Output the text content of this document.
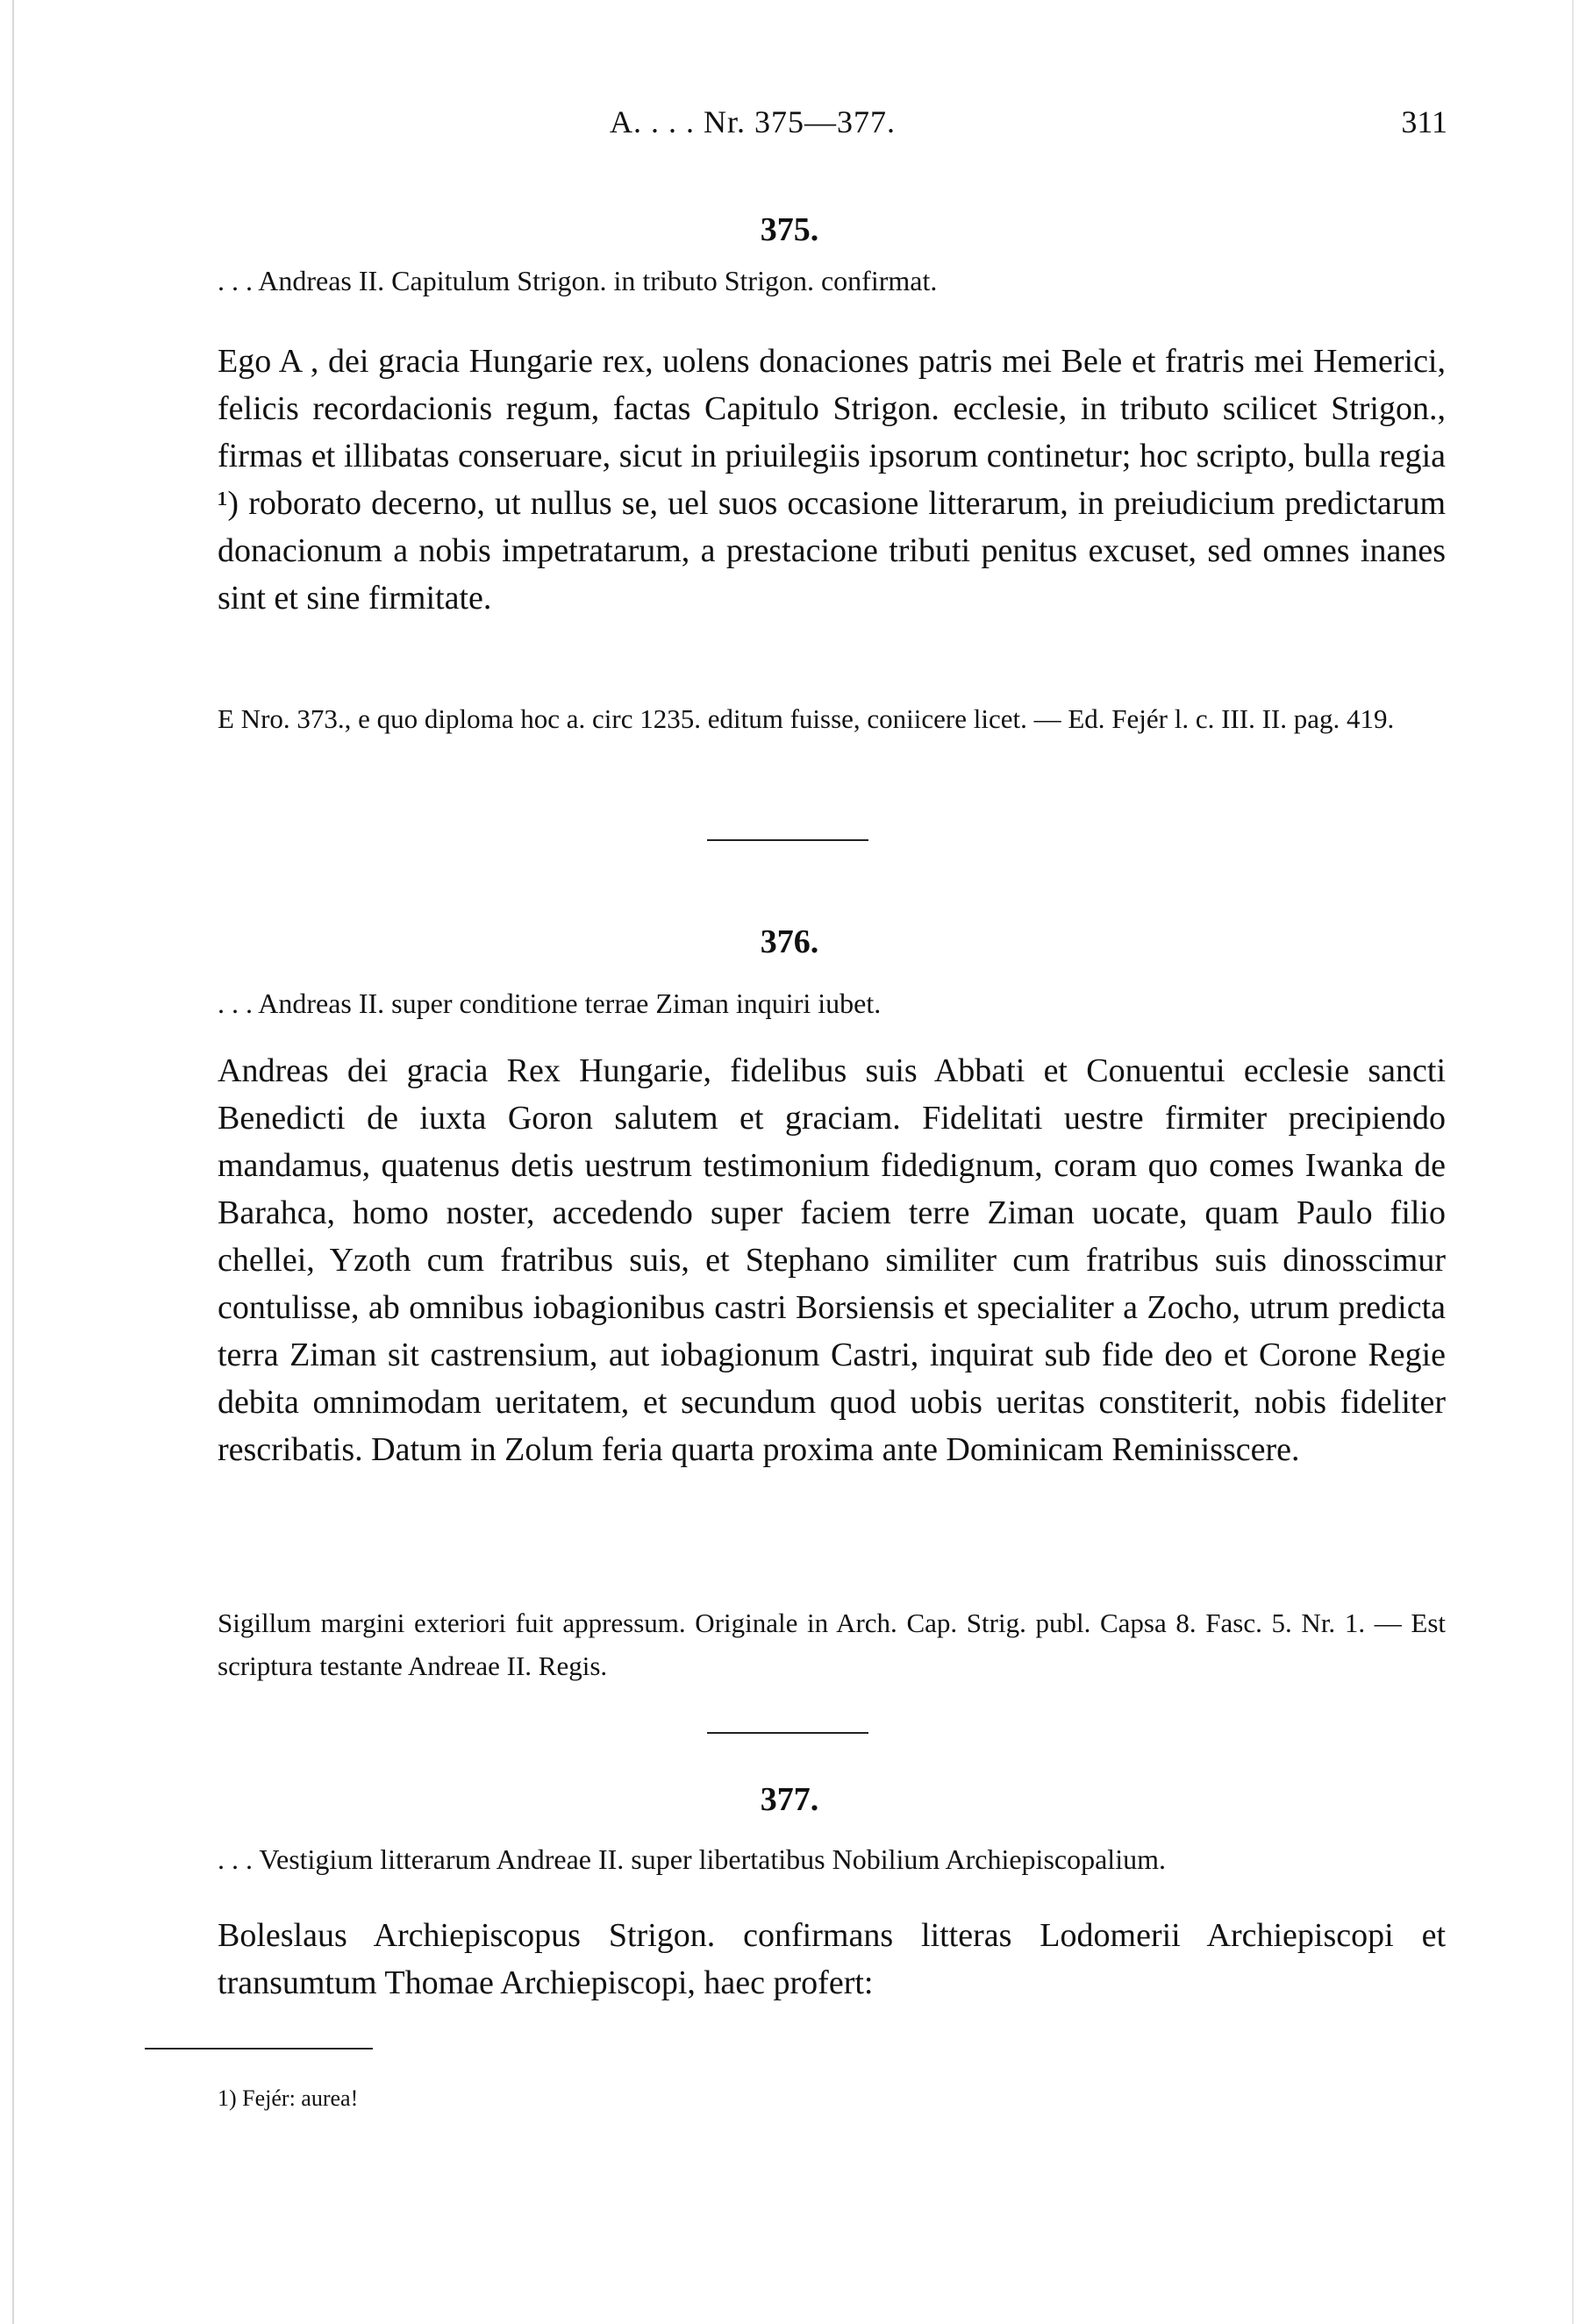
A. . . . Nr. 375—377.	311
375.
. . . Andreas II. Capitulum Strigon. in tributo Strigon. confirmat.
Ego A , dei gracia Hungarie rex, uolens donaciones patris mei Bele et fratris mei Hemerici, felicis recordacionis regum, factas Capitulo Strigon. ecclesie, in tributo scilicet Strigon., firmas et illibatas conseruare, sicut in priuilegiis ipsorum continetur; hoc scripto, bulla regia ¹) roborato decerno, ut nullus se, uel suos occasione litterarum, in preiudicium predictarum donacionum a nobis impetratarum, a prestacione tributi penitus excuset, sed omnes inanes sint et sine firmitate.
E Nro. 373., e quo diploma hoc a. circ 1235. editum fuisse, coniicere licet. — Ed. Fejér l. c. III. II. pag. 419.
376.
. . . Andreas II. super conditione terrae Ziman inquiri iubet.
Andreas dei gracia Rex Hungarie, fidelibus suis Abbati et Conuentui ecclesie sancti Benedicti de iuxta Goron salutem et graciam. Fidelitati uestre firmiter precipiendo mandamus, quatenus detis uestrum testimonium fidedignum, coram quo comes Iwanka de Barahca, homo noster, accedendo super faciem terre Ziman uocate, quam Paulo filio chellei, Yzoth cum fratribus suis, et Stephano similiter cum fratribus suis dinosscimur contulisse, ab omnibus iobagionibus castri Borsiensis et specialiter a Zocho, utrum predicta terra Ziman sit castrensium, aut iobagionum Castri, inquirat sub fide deo et Corone Regie debita omnimodam ueritatem, et secundum quod uobis ueritas constiterit, nobis fideliter rescribatis. Datum in Zolum feria quarta proxima ante Dominicam Reminisscere.
Sigillum margini exteriori fuit appressum. Originale in Arch. Cap. Strig. publ. Capsa 8. Fasc. 5. Nr. 1. — Est scriptura testante Andreae II. Regis.
377.
. . . Vestigium litterarum Andreae II. super libertatibus Nobilium Archiepiscopalium.
Boleslaus Archiepiscopus Strigon. confirmans litteras Lodomerii Archiepiscopi et transumtum Thomae Archiepiscopi, haec profert:
1) Fejér: aurea!
